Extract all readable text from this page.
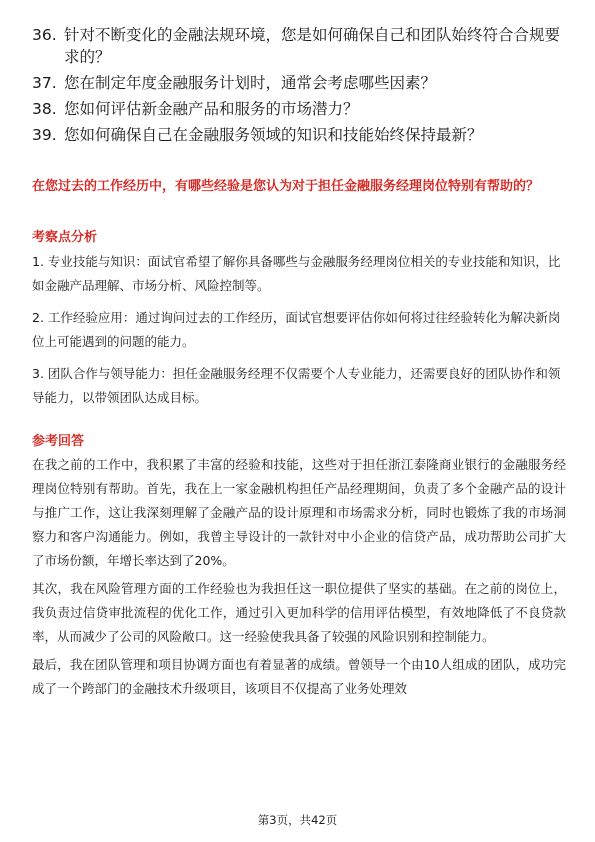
36. 针对不断变化的金融法规环境，您是如何确保自己和团队始终符合合规要求的？
37. 您在制定年度金融服务计划时，通常会考虑哪些因素？
38. 您如何评估新金融产品和服务的市场潜力？
39. 您如何确保自己在金融服务领域的知识和技能始终保持最新？
在您过去的工作经历中，有哪些经验是您认为对于担任金融服务经理岗位特别有帮助的？
考察点分析
1. 专业技能与知识：面试官希望了解你具备哪些与金融服务经理岗位相关的专业技能和知识，比如金融产品理解、市场分析、风险控制等。
2. 工作经验应用：通过询问过去的工作经历，面试官想要评估你如何将过往经验转化为解决新岗位上可能遇到的问题的能力。
3. 团队合作与领导能力：担任金融服务经理不仅需要个人专业能力，还需要良好的团队协作和领导能力，以带领团队达成目标。
参考回答

在我之前的工作中，我积累了丰富的经验和技能，这些对于担任浙江泰隆商业银行的金融服务经理岗位特别有帮助。首先，我在上一家金融机构担任产品经理期间，负责了多个金融产品的设计与推广工作，这让我深刻理解了金融产品的设计原理和市场需求分析，同时也锻炼了我的市场洞察力和客户沟通能力。例如，我曾主导设计的一款针对中小企业的信贷产品，成功帮助公司扩大了市场份额，年增长率达到了20%。

其次，我在风险管理方面的工作经验也为我担任这一职位提供了坚实的基础。在之前的岗位上，我负责过信贷审批流程的优化工作，通过引入更加科学的信用评估模型，有效地降低了不良贷款率，从而减少了公司的风险敞口。这一经验使我具备了较强的风险识别和控制能力。

最后，我在团队管理和项目协调方面也有着显著的成绩。曾领导一个由10人组成的团队，成功完成了一个跨部门的金融技术升级项目，该项目不仅提高了业务处理效

第3页，共42页
